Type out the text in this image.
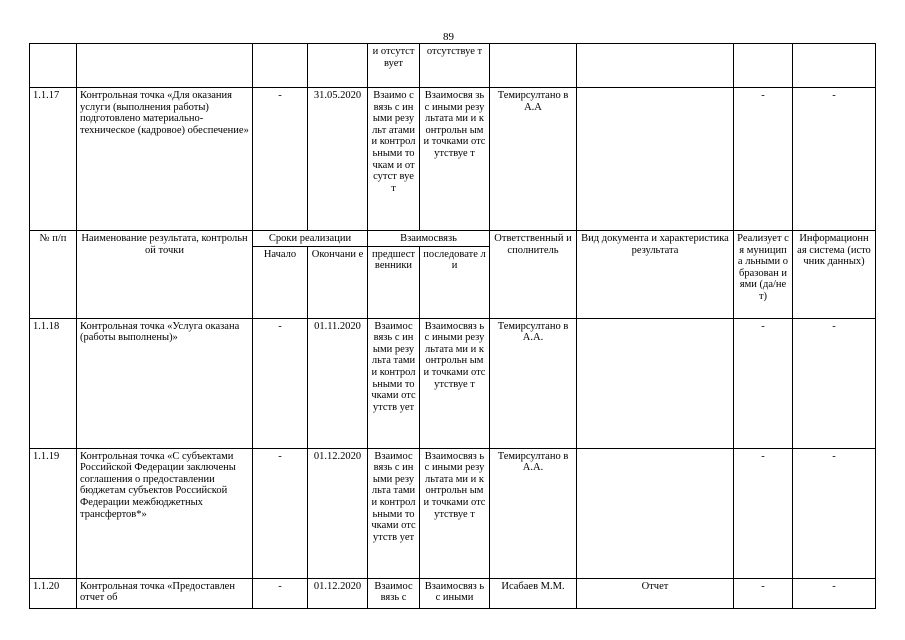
89
				и отсутст вует	отсутствуе т				
1.1.17	Контрольная точка «Для оказания услуги (выполнения работы) подготовлено материально-техническое (кадровое) обеспечение»	-	31.05.2020	Взаимо связь с иными результ атами и контрол ьными точкам и отсутст вует	Взаимосвя зь с иными результата ми и контрольн ыми точками отсутствуе т	Темирсултано в А.А		-	-
№ п/п	Наименование результата, контрольной точки	Сроки реализации		Взаимосвязь		Ответственный исполнитель	Вид документа и характеристика результата	Реализует ся муниципа льными образован иями (да/нет)	Информационн ая система (источник данных)
		Начало	Окончани е	предшест венники	последовате ли				
1.1.18	Контрольная точка «Услуга оказана (работы выполнены)»	-	01.11.2020	Взаимос вязь с иными результа тами и контрол ьными точками отсутств ует	Взаимосвяз ь с иными результата ми и контрольн ыми точками отсутствуе т	Темирсултано в А.А.		-	-
1.1.19	Контрольная точка «С субъектами Российской Федерации заключены соглашения о предоставлении бюджетам субъектов Российской Федерации межбюджетных трансфертов*»	-	01.12.2020	Взаимос вязь с иными результа тами и контрол ьными точками отсутств ует	Взаимосвяз ь с иными результата ми и контрольн ыми точками отсутствуе т	Темирсултано в А.А.		-	-
1.1.20	Контрольная точка «Предоставлен отчет об	-	01.12.2020	Взаимос вязь с	Взаимосвяз ь с иными	Исабаев М.М.	Отчет	-	-
